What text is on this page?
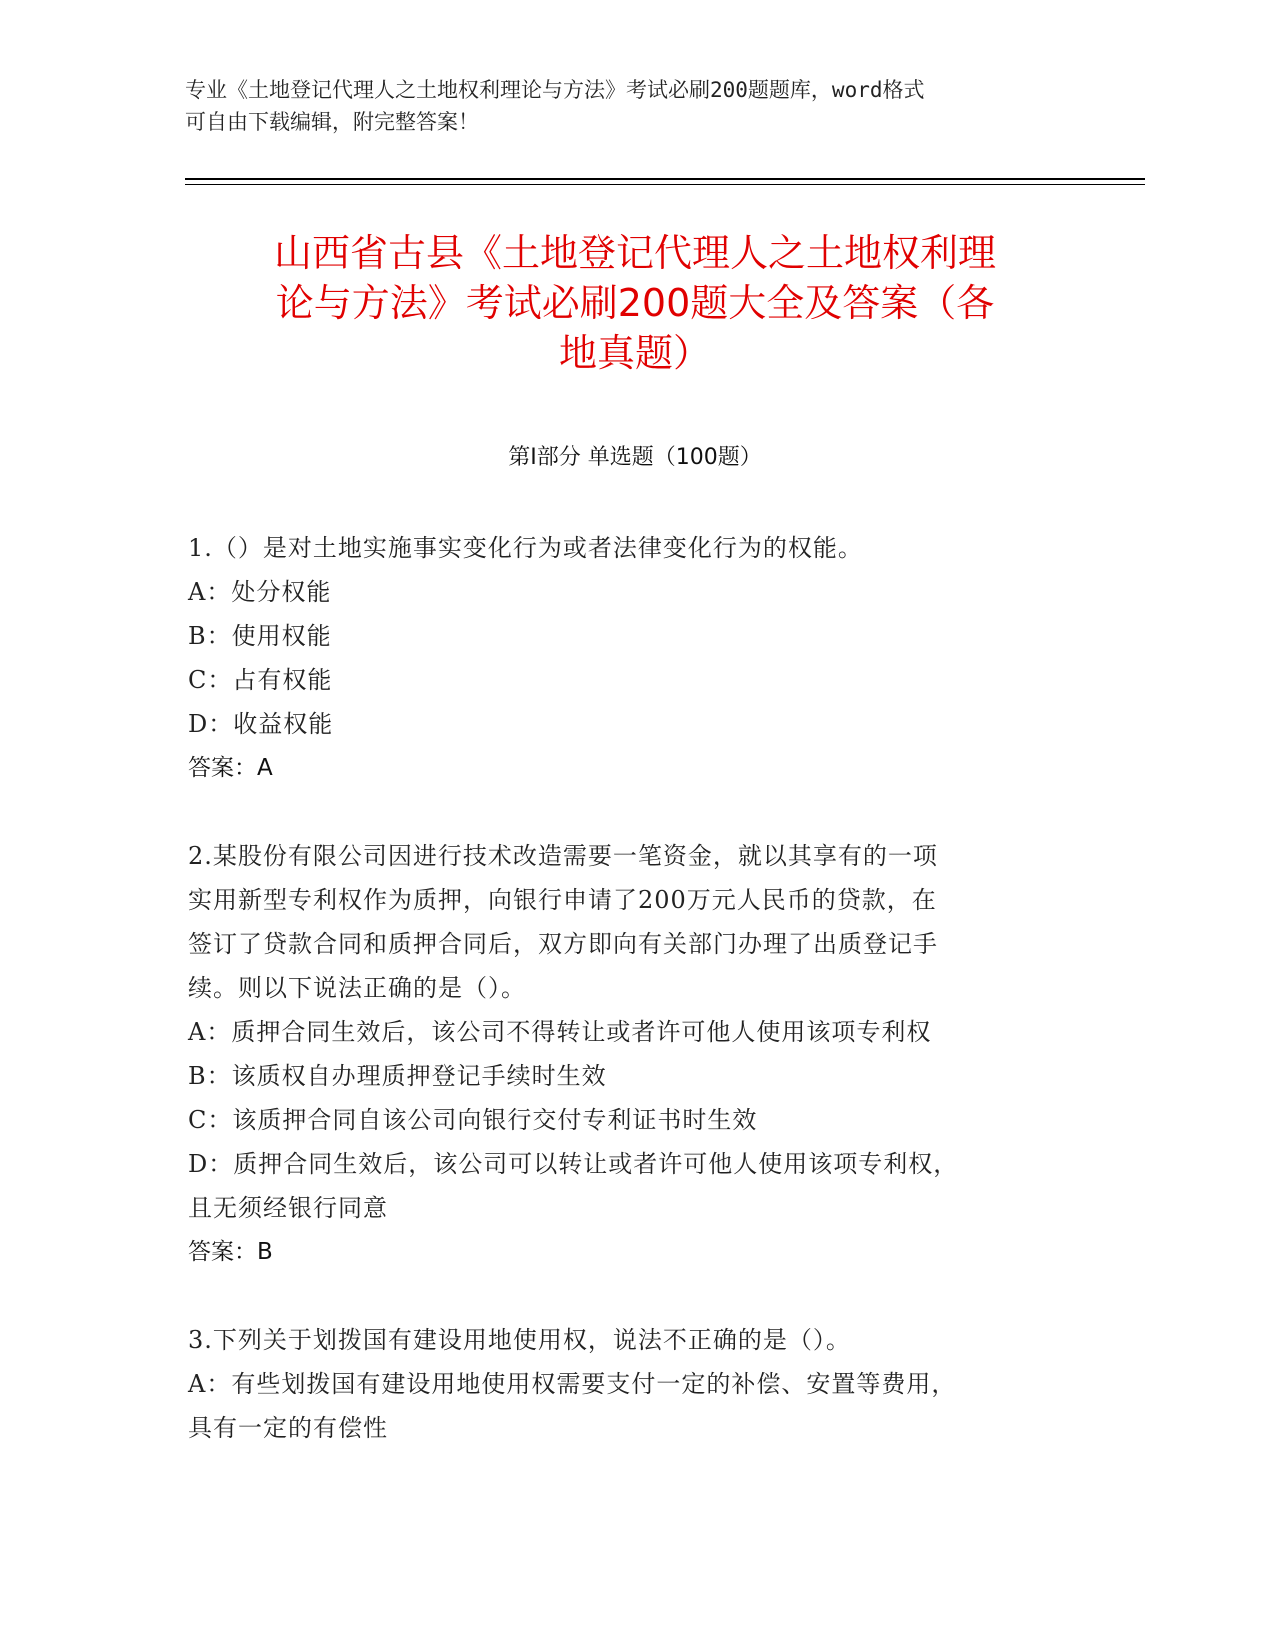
专业《土地登记代理人之土地权利理论与方法》考试必刷200题题库，word格式
可自由下载编辑，附完整答案！
山西省古县《土地登记代理人之土地权利理
论与方法》考试必刷200题大全及答案（各
地真题）
第Ⅰ部分 单选题（100题）
1.（）是对土地实施事实变化行为或者法律变化行为的权能。
A：处分权能
B：使用权能
C：占有权能
D：收益权能
答案：A
2.某股份有限公司因进行技术改造需要一笔资金，就以其享有的一项
实用新型专利权作为质押，向银行申请了200万元人民币的贷款，在
签订了贷款合同和质押合同后，双方即向有关部门办理了出质登记手
续。则以下说法正确的是（）。
A：质押合同生效后，该公司不得转让或者许可他人使用该项专利权
B：该质权自办理质押登记手续时生效
C：该质押合同自该公司向银行交付专利证书时生效
D：质押合同生效后，该公司可以转让或者许可他人使用该项专利权，
且无须经银行同意
答案：B
3.下列关于划拨国有建设用地使用权，说法不正确的是（）。
A：有些划拨国有建设用地使用权需要支付一定的补偿、安置等费用，
具有一定的有偿性
